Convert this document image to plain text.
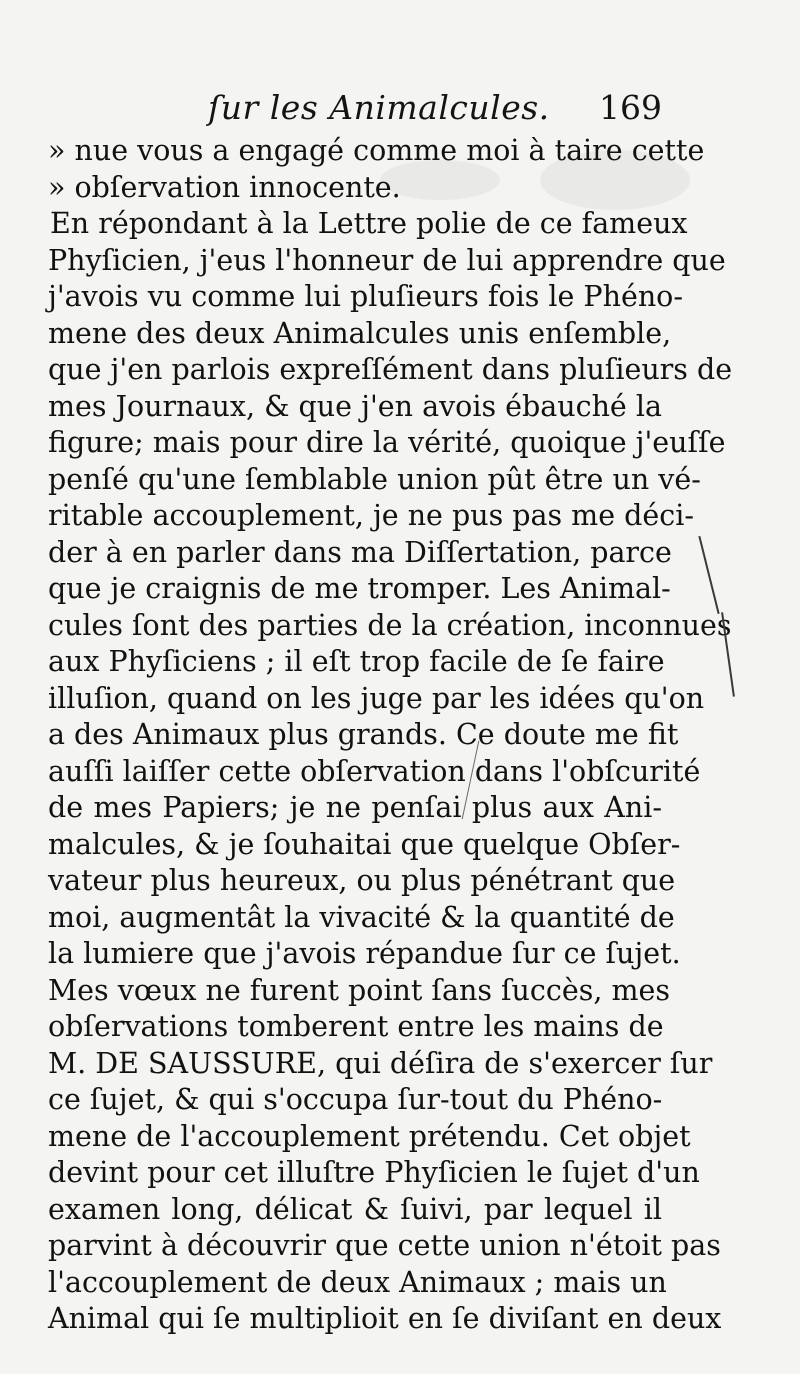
ſur les Animalcules. 169
» nue vous a engagé comme moi à taire cette
» obſervation innocente.
En répondant à la Lettre polie de ce fameux
Phyſicien, j'eus l'honneur de lui apprendre que
j'avois vu comme lui pluſieurs fois le Phéno-
mene des deux Animalcules unis enſemble,
que j'en parlois expreſſément dans pluſieurs de
mes Journaux, & que j'en avois ébauché la
figure; mais pour dire la vérité, quoique j'euſſe
penſé qu'une ſemblable union pût être un vé-
ritable accouplement, je ne pus pas me déci-
der à en parler dans ma Diſſertation, parce
que je craignis de me tromper. Les Animal-
cules ſont des parties de la création, inconnues
aux Phyſiciens ; il eſt trop facile de ſe faire
illuſion, quand on les juge par les idées qu'on
a des Animaux plus grands. Ce doute me fit
auſſi laiſſer cette obſervation dans l'obſcurité
de mes Papiers; je ne penſai plus aux Ani-
malcules, & je ſouhaitai que quelque Obſer-
vateur plus heureux, ou plus pénétrant que
moi, augmentât la vivacité & la quantité de
la lumiere que j'avois répandue ſur ce ſujet.
Mes vœux ne furent point ſans ſuccès, mes
obſervations tomberent entre les mains de
M. DE SAUSSURE, qui déſira de s'exercer ſur
ce ſujet, & qui s'occupa ſur-tout du Phéno-
mene de l'accouplement prétendu. Cet objet
devint pour cet illuſtre Phyſicien le ſujet d'un
examen long, délicat & ſuivi, par lequel il
parvint à découvrir que cette union n'étoit pas
l'accouplement de deux Animaux ; mais un
Animal qui ſe multiplioit en ſe diviſant en deux
